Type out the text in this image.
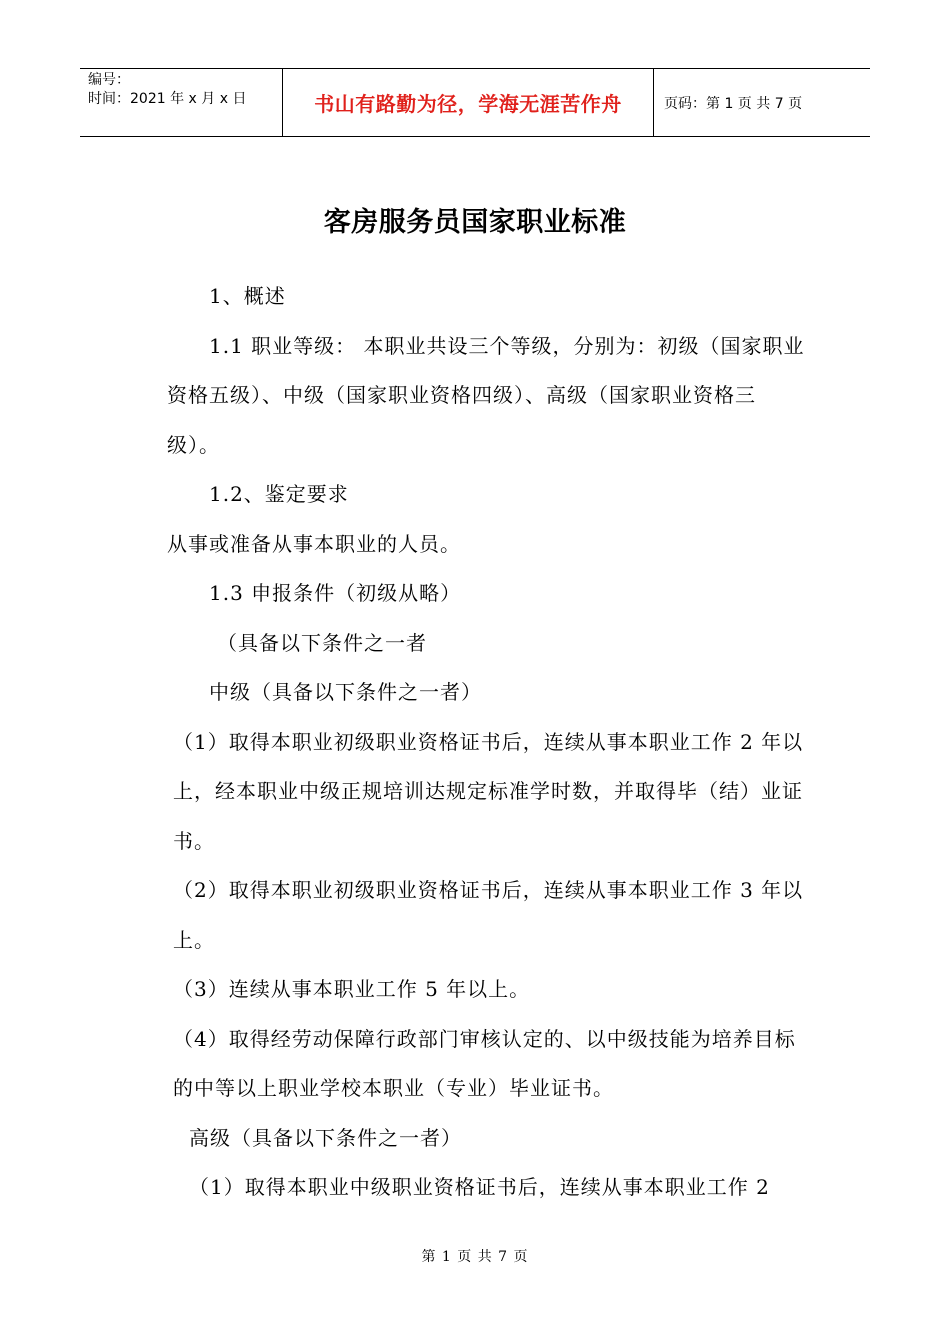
编号：
时间：2021 年 x 月 x 日	书山有路勤为径，学海无涯苦作舟	页码：第 1 页 共 7 页
客房服务员国家职业标准

1、概述

1.1 职业等级： 本职业共设三个等级，分别为：初级（国家职业资格五级）、中级（国家职业资格四级）、高级（国家职业资格三级）。

1.2、鉴定要求

从事或准备从事本职业的人员。

1.3 申报条件（初级从略）

（具备以下条件之一者

中级（具备以下条件之一者）

（1）取得本职业初级职业资格证书后，连续从事本职业工作 2 年以上，经本职业中级正规培训达规定标准学时数，并取得毕（结）业证书。

（2）取得本职业初级职业资格证书后，连续从事本职业工作 3 年以上。

（3）连续从事本职业工作 5 年以上。

（4）取得经劳动保障行政部门审核认定的、以中级技能为培养目标的中等以上职业学校本职业（专业）毕业证书。

高级（具备以下条件之一者）

（1）取得本职业中级职业资格证书后，连续从事本职业工作 2

第 1 页 共 7 页
